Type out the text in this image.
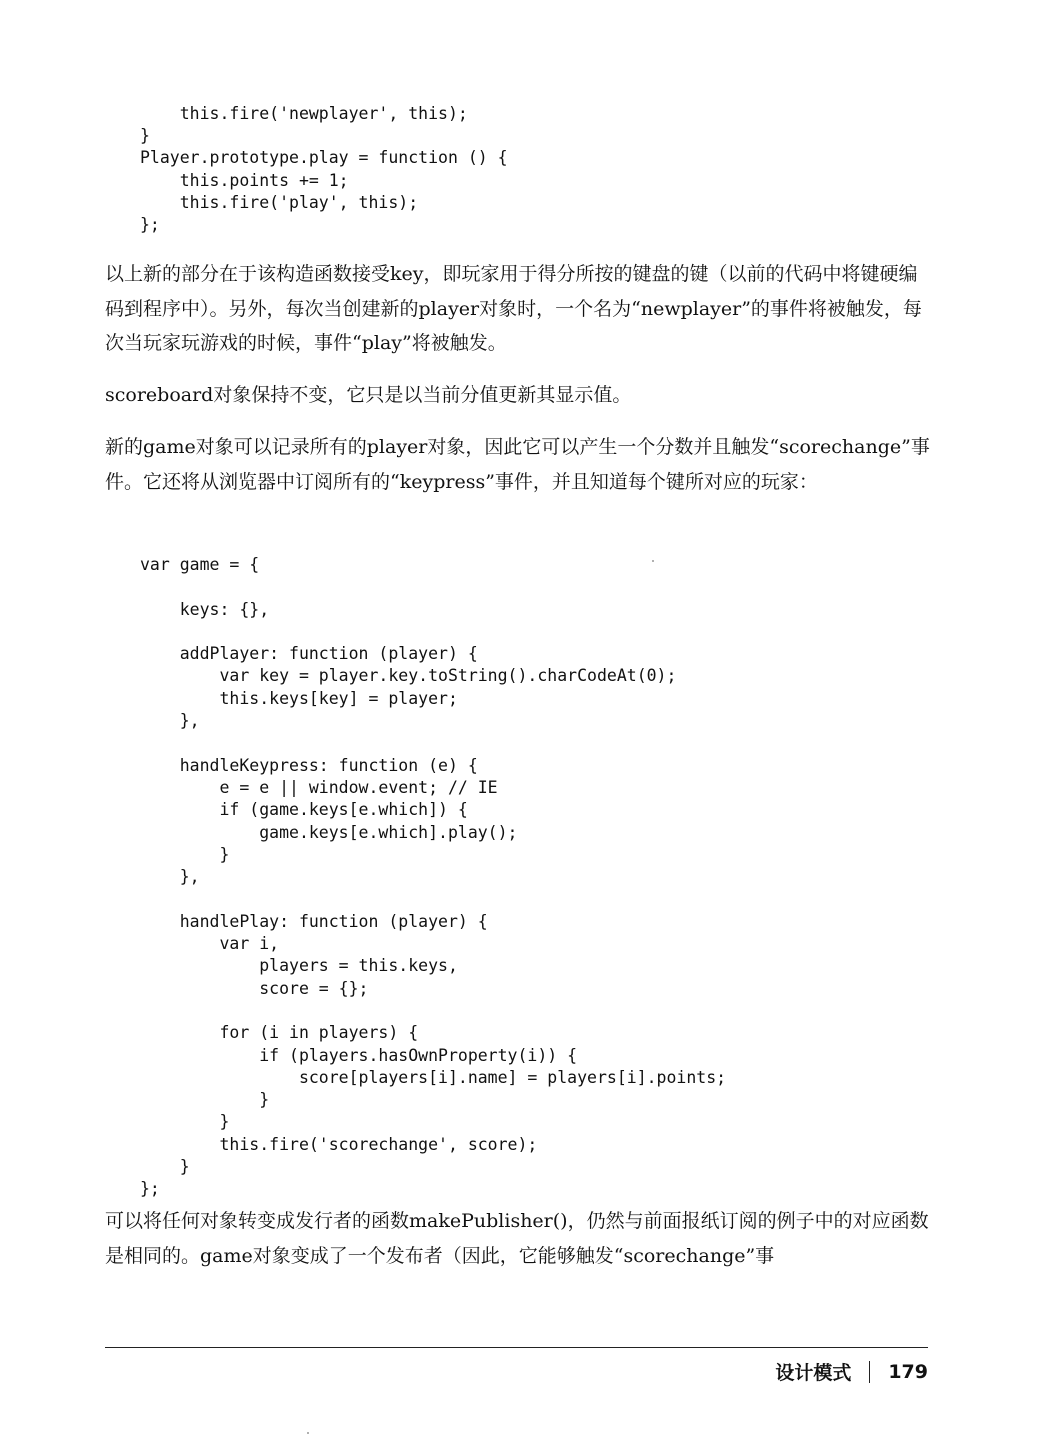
this.fire('newplayer', this);
}
Player.prototype.play = function () {
this.points += 1;
this.fire('play', this);
};
以上新的部分在于该构造函数接受key，即玩家用于得分所按的键盘的键（以前的代码中将键硬编码到程序中）。另外，每次当创建新的player对象时，一个名为“newplayer”的事件将被触发，每次当玩家玩游戏的时候，事件“play”将被触发。
scoreboard对象保持不变，它只是以当前分值更新其显示值。
新的game对象可以记录所有的player对象，因此它可以产生一个分数并且触发“scorechange”事件。它还将从浏览器中订阅所有的“keypress”事件，并且知道每个键所对应的玩家：
var game = {

keys: {},

addPlayer: function (player) {
var key = player.key.toString().charCodeAt(0);
this.keys[key] = player;
},

handleKeypress: function (e) {
e = e || window.event; // IE
if (game.keys[e.which]) {
game.keys[e.which].play();
}
},

handlePlay: function (player) {
var i,
players = this.keys,
score = {};

for (i in players) {
if (players.hasOwnProperty(i)) {
score[players[i].name] = players[i].points;
}
}
this.fire('scorechange', score);
}
};
可以将任何对象转变成发行者的函数makePublisher()，仍然与前面报纸订阅的例子中的对应函数是相同的。game对象变成了一个发布者（因此，它能够触发“scorechange”事
设计模式 179
